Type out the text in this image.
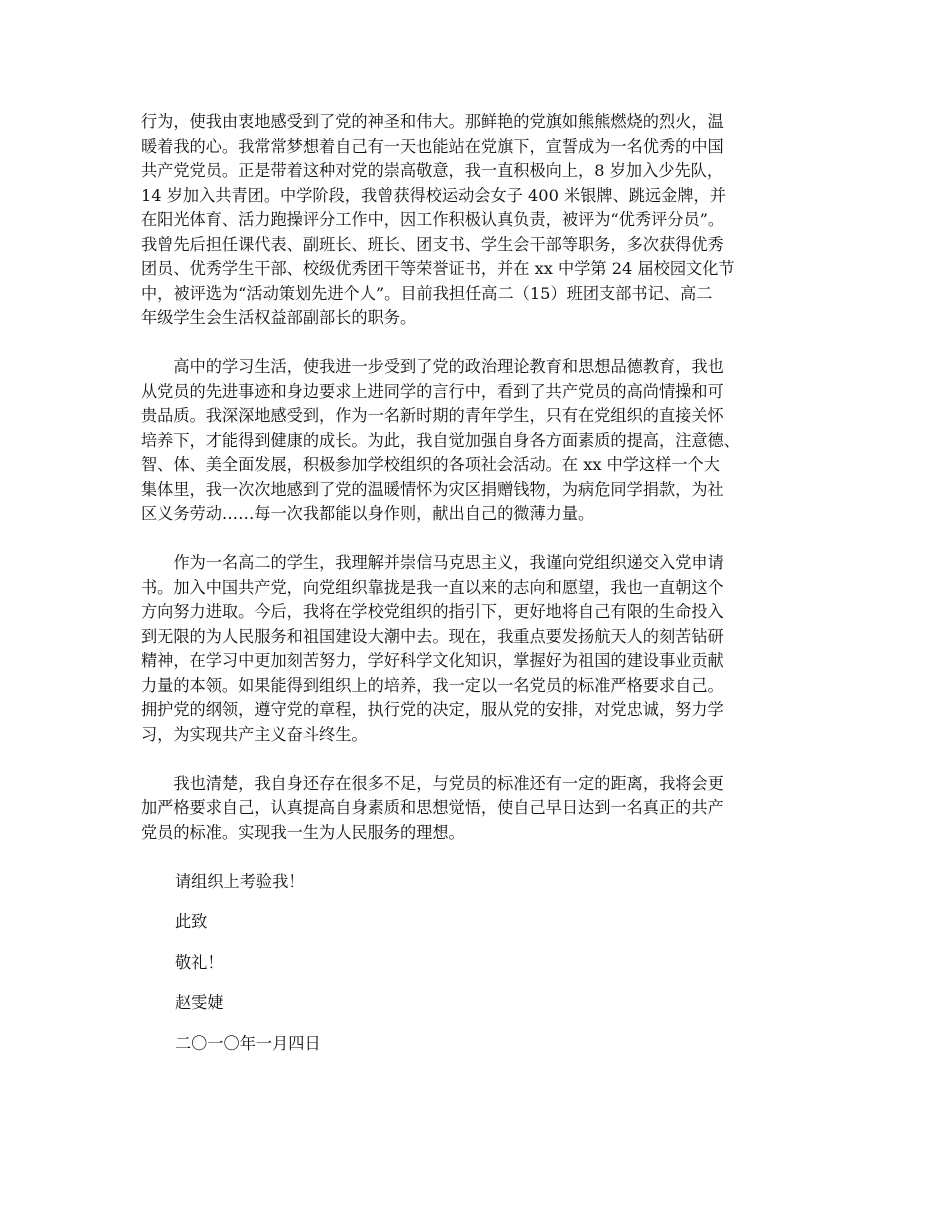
行为，使我由衷地感受到了党的神圣和伟大。那鲜艳的党旗如熊熊燃烧的烈火，温
暖着我的心。我常常梦想着自己有一天也能站在党旗下，宣誓成为一名优秀的中国
共产党党员。正是带着这种对党的崇高敬意，我一直积极向上，8 岁加入少先队，
14 岁加入共青团。中学阶段，我曾获得校运动会女子 400 米银牌、跳远金牌，并
在阳光体育、活力跑操评分工作中，因工作积极认真负责，被评为“优秀评分员”。
我曾先后担任课代表、副班长、班长、团支书、学生会干部等职务，多次获得优秀
团员、优秀学生干部、校级优秀团干等荣誉证书，并在 xx 中学第 24 届校园文化节
中，被评选为“活动策划先进个人”。目前我担任高二（15）班团支部书记、高二
年级学生会生活权益部副部长的职务。
高中的学习生活，使我进一步受到了党的政治理论教育和思想品德教育，我也
从党员的先进事迹和身边要求上进同学的言行中，看到了共产党员的高尚情操和可
贵品质。我深深地感受到，作为一名新时期的青年学生，只有在党组织的直接关怀
培养下，才能得到健康的成长。为此，我自觉加强自身各方面素质的提高，注意德、
智、体、美全面发展，积极参加学校组织的各项社会活动。在 xx 中学这样一个大
集体里，我一次次地感到了党的温暖情怀为灾区捐赠钱物，为病危同学捐款，为社
区义务劳动……每一次我都能以身作则，献出自己的微薄力量。
作为一名高二的学生，我理解并崇信马克思主义，我谨向党组织递交入党申请
书。加入中国共产党，向党组织靠拢是我一直以来的志向和愿望，我也一直朝这个
方向努力进取。今后，我将在学校党组织的指引下，更好地将自己有限的生命投入
到无限的为人民服务和祖国建设大潮中去。现在，我重点要发扬航天人的刻苦钻研
精神，在学习中更加刻苦努力，学好科学文化知识，掌握好为祖国的建设事业贡献
力量的本领。如果能得到组织上的培养，我一定以一名党员的标准严格要求自己。
拥护党的纲领，遵守党的章程，执行党的决定，服从党的安排，对党忠诚，努力学
习，为实现共产主义奋斗终生。
我也清楚，我自身还存在很多不足，与党员的标准还有一定的距离，我将会更
加严格要求自己，认真提高自身素质和思想觉悟，使自己早日达到一名真正的共产
党员的标准。实现我一生为人民服务的理想。
请组织上考验我！
此致
敬礼！
赵雯婕
二〇一〇年一月四日
